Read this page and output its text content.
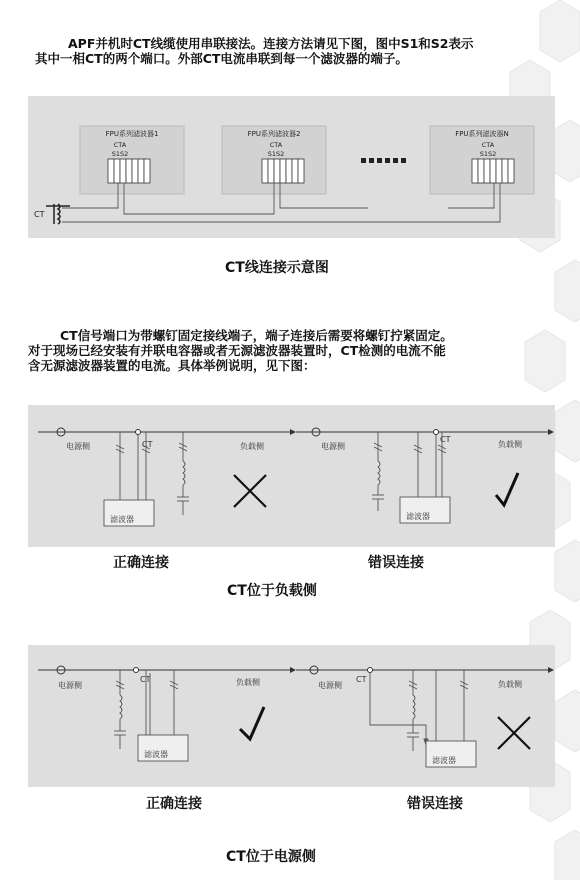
APF并机时CT线缆使用串联接法。连接方法请见下图，图中S1和S2表示

其中一相CT的两个端口。外部CT电流串联到每一个滤波器的端子。

FPU系列滤波器1
CTA
S1S2
FPU系列滤波器2
CTA
S1S2
FPU系列滤波器N
CTA
S1S2
CT
CT线连接示意图

CT信号端口为带螺钉固定接线端子，端子连接后需要将螺钉拧紧固定。

对于现场已经安装有并联电容器或者无源滤波器装置时，CT检测的电流不能

含无源滤波器装置的电流。具体举例说明，见下图：

电源侧	CT	负载侧
滤波器
电源侧
CT
负载侧
滤波器
正确连接	错误连接
CT位于负载侧
电源侧
CT	负载侧
滤波器
电源侧
CT
负载侧
滤波器
正确连接	错误连接
CT位于电源侧
